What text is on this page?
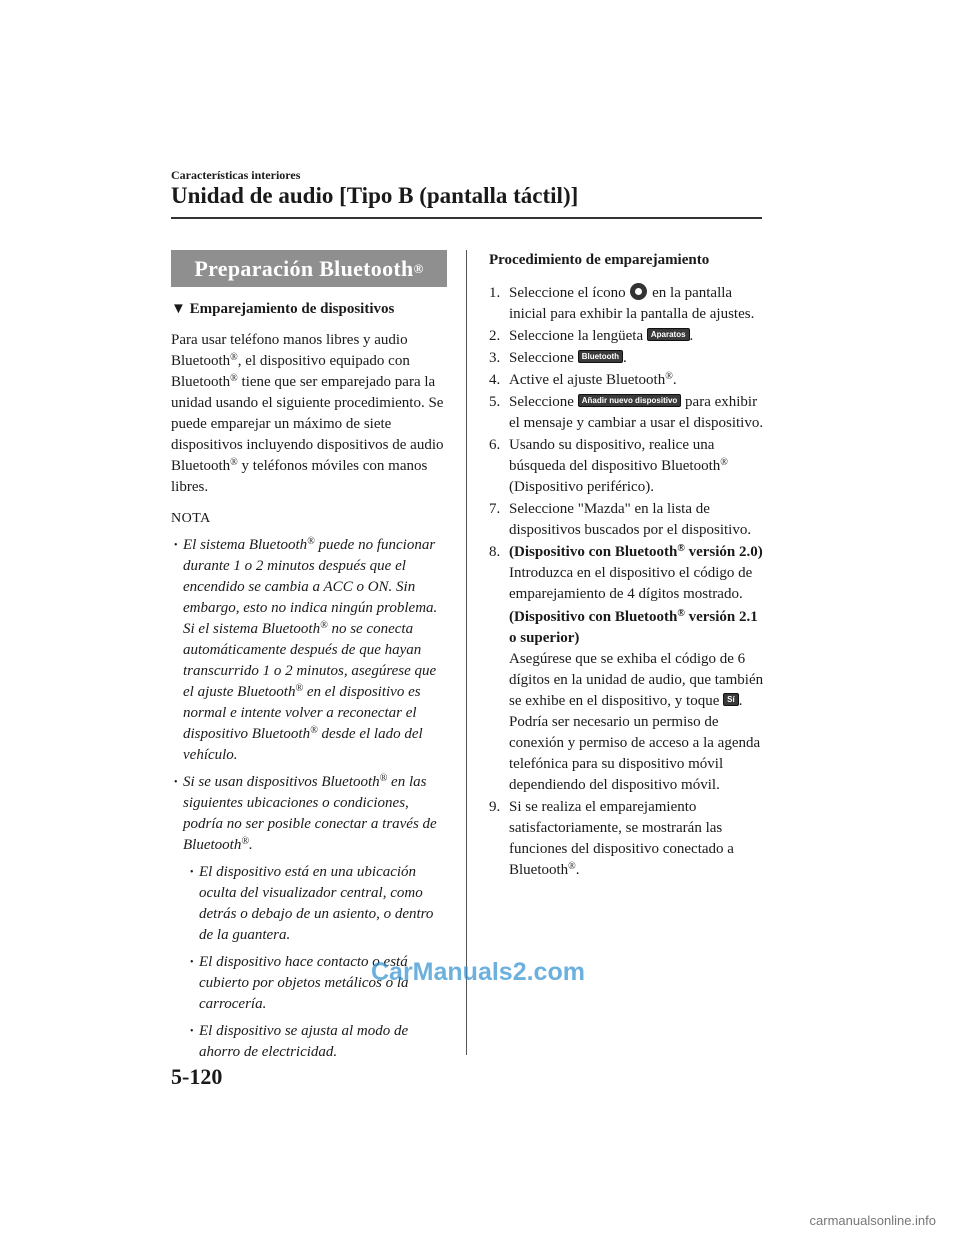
Características interiores
Unidad de audio [Tipo B (pantalla táctil)]
Preparación Bluetooth ®
▼ Emparejamiento de dispositivos
Para usar teléfono manos libres y audio Bluetooth®, el dispositivo equipado con Bluetooth® tiene que ser emparejado para la unidad usando el siguiente procedimiento. Se puede emparejar un máximo de siete dispositivos incluyendo dispositivos de audio Bluetooth® y teléfonos móviles con manos libres.
NOTA
• El sistema Bluetooth® puede no funcionar durante 1 o 2 minutos después que el encendido se cambia a ACC o ON. Sin embargo, esto no indica ningún problema. Si el sistema Bluetooth® no se conecta automáticamente después de que hayan transcurrido 1 o 2 minutos, asegúrese que el ajuste Bluetooth® en el dispositivo es normal e intente volver a reconectar el dispositivo Bluetooth® desde el lado del vehículo.
• Si se usan dispositivos Bluetooth® en las siguientes ubicaciones o condiciones, podría no ser posible conectar a través de Bluetooth®.
• El dispositivo está en una ubicación oculta del visualizador central, como detrás o debajo de un asiento, o dentro de la guantera.
• El dispositivo hace contacto o está cubierto por objetos metálicos o la carrocería.
• El dispositivo se ajusta al modo de ahorro de electricidad.
Procedimiento de emparejamiento
1. Seleccione el ícono en la pantalla inicial para exhibir la pantalla de ajustes.
2. Seleccione la lengüeta Aparatos .
3. Seleccione Bluetooth .
4. Active el ajuste Bluetooth®.
5. Seleccione Añadir nuevo dispositivo para exhibir el mensaje y cambiar a usar el dispositivo.
6. Usando su dispositivo, realice una búsqueda del dispositivo Bluetooth® (Dispositivo periférico).
7. Seleccione "Mazda" en la lista de dispositivos buscados por el dispositivo.
8. (Dispositivo con Bluetooth® versión 2.0)
Introduzca en el dispositivo el código de emparejamiento de 4 dígitos mostrado.
(Dispositivo con Bluetooth® versión 2.1 o superior)
Asegúrese que se exhiba el código de 6 dígitos en la unidad de audio, que también se exhibe en el dispositivo, y toque Sí .
Podría ser necesario un permiso de conexión y permiso de acceso a la agenda telefónica para su dispositivo móvil dependiendo del dispositivo móvil.
9. Si se realiza el emparejamiento satisfactoriamente, se mostrarán las funciones del dispositivo conectado a Bluetooth®.
CarManuals2.com
5-120
carmanualsonline.info
